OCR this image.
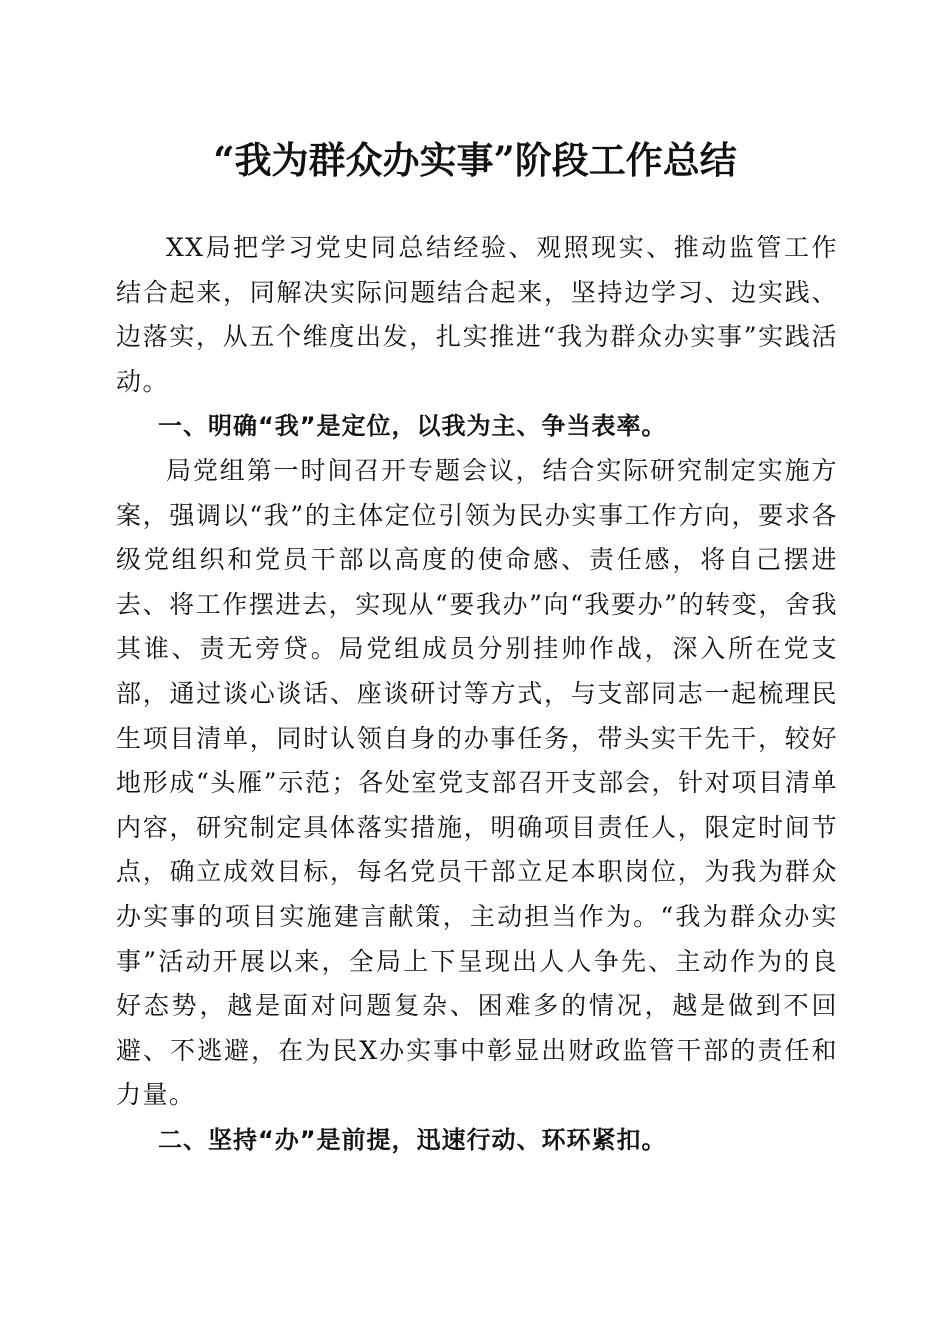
“我为群众办实事”阶段工作总结

XX局把学习党史同总结经验、观照现实、推动监管工作结合起来，同解决实际问题结合起来，坚持边学习、边实践、边落实，从五个维度出发，扎实推进“我为群众办实事”实践活动。

一、明确“我”是定位，以我为主、争当表率。

局党组第一时间召开专题会议，结合实际研究制定实施方案，强调以“我”的主体定位引领为民办实事工作方向，要求各级党组织和党员干部以高度的使命感、责任感，将自己摆进去、将工作摆进去，实现从“要我办”向“我要办”的转变，舍我其谁、责无旁贷。局党组成员分别挂帅作战，深入所在党支部，通过谈心谈话、座谈研讨等方式，与支部同志一起梳理民生项目清单，同时认领自身的办事任务，带头实干先干，较好地形成“头雁”示范；各处室党支部召开支部会，针对项目清单内容，研究制定具体落实措施，明确项目责任人，限定时间节点，确立成效目标，每名党员干部立足本职岗位，为我为群众办实事的项目实施建言献策，主动担当作为。“我为群众办实事”活动开展以来，全局上下呈现出人人争先、主动作为的良好态势，越是面对问题复杂、困难多的情况，越是做到不回避、不逃避，在为民X办实事中彰显出财政监管干部的责任和力量。

二、坚持“办”是前提，迅速行动、环环紧扣。
